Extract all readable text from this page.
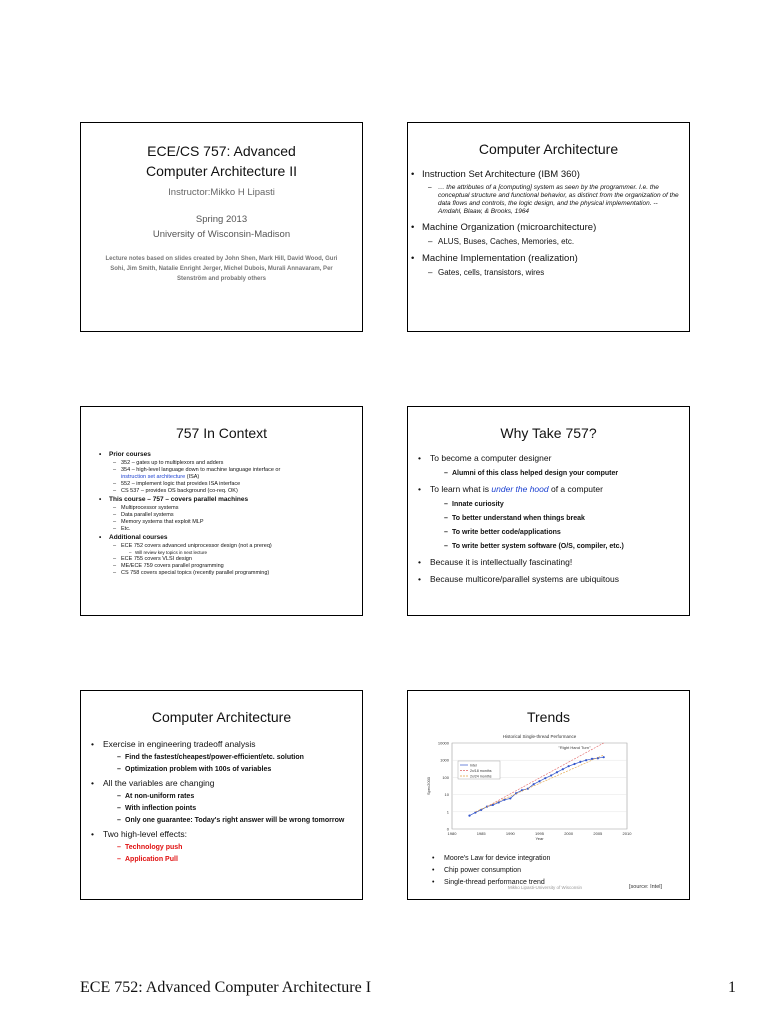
ECE/CS 757: Advanced
Computer Architecture II
Instructor:Mikko H Lipasti
Spring 2013
University of Wisconsin-Madison
Lecture notes based on slides created by John Shen, Mark Hill, David Wood, Guri Sohi, Jim Smith, Natalie Enright Jerger, Michel Dubois, Murali Annavaram, Per Stenström and probably others
Computer Architecture
• Instruction Set Architecture (IBM 360)
– … the attributes of a [computing] system as seen by the programmer. I.e. the conceptual structure and functional behavior, as distinct from the organization of the data flows and controls, the logic design, and the physical implementation. -- Amdahl, Blaaw, & Brooks, 1964
• Machine Organization (microarchitecture)
– ALUS, Buses, Caches, Memories, etc.
• Machine Implementation (realization)
– Gates, cells, transistors, wires
757 In Context
• Prior courses
– 352 – gates up to multiplexors and adders
– 354 – high-level language down to machine language interface or
instruction set architecture (ISA)
– 552 – implement logic that provides ISA interface
– CS 537 – provides OS background (co-req. OK)
• This course – 757 – covers parallel machines
– Multiprocessor systems
– Data parallel systems
– Memory systems that exploit MLP
– Etc.
• Additional courses
– ECE 752 covers advanced uniprocessor design (not a prereq)
– Will review key topics in next lecture
– ECE 755 covers VLSI design
– ME/ECE 759 covers parallel programming
– CS 758 covers special topics (recently parallel programming)
Why Take 757?
• To become a computer designer
– Alumni of this class helped design your computer
• To learn what is under the hood of a computer
– Innate curiosity
– To better understand when things break
– To write better code/applications
– To write better system software (O/S, compiler, etc.)
• Because it is intellectually fascinating!
• Because multicore/parallel systems are ubiquitous
Computer Architecture
• Exercise in engineering tradeoff analysis
– Find the fastest/cheapest/power-efficient/etc. solution
– Optimization problem with 100s of variables
• All the variables are changing
– At non-uniform rates
– With inflection points
– Only one guarantee: Today's right answer will be wrong tomorrow
• Two high-level effects:
– Technology push
– Application Pull
Trends
Historical Single-thread Performance
10000
1000
100
10
1
0
1980	1985	1990	1995	2000	2005	2010
Year
Spec2000
Intel
2x/18 months
2x/24 months
"Right Hand Turn"
• Moore's Law for device integration
• Chip power consumption
• Single-thread performance trend
Mikko Lipasti-University of Wisconsin	[source: Intel]
ECE 752: Advanced Computer Architecture I	1
